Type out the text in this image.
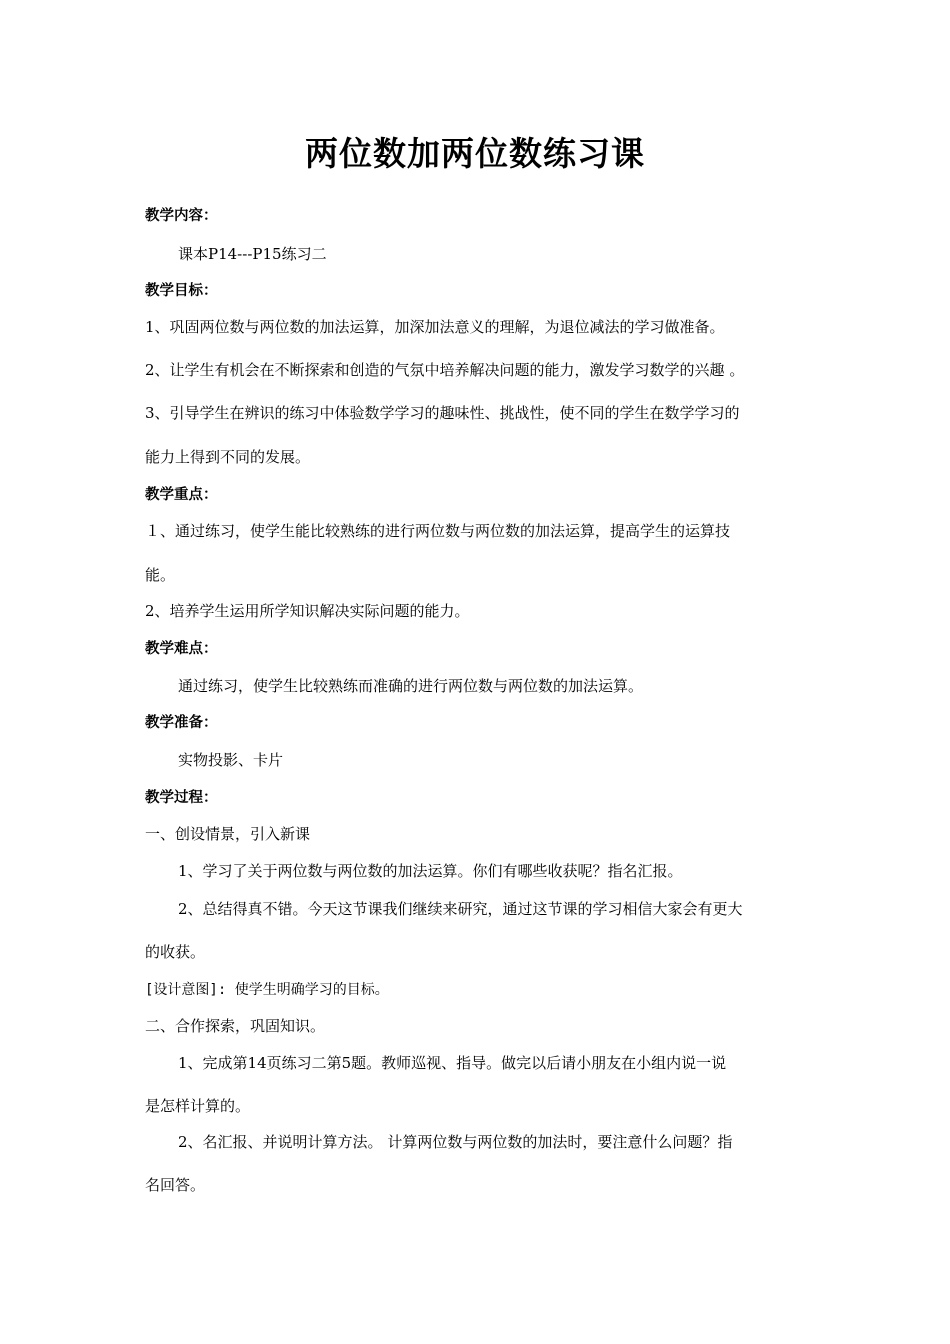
两位数加两位数练习课
教学内容：
课本P14---P15练习二
教学目标：
1、巩固两位数与两位数的加法运算，加深加法意义的理解，为退位减法的学习做准备。
2、让学生有机会在不断探索和创造的气氛中培养解决问题的能力，激发学习数学的兴趣 。
3、引导学生在辨识的练习中体验数学学习的趣味性、挑战性，使不同的学生在数学学习的
能力上得到不同的发展。
教学重点：
１、通过练习，使学生能比较熟练的进行两位数与两位数的加法运算，提高学生的运算技
能。
2、培养学生运用所学知识解决实际问题的能力。
教学难点：
通过练习，使学生比较熟练而准确的进行两位数与两位数的加法运算。
教学准备：
实物投影、卡片
教学过程：
一、创设情景，引入新课
1、学习了关于两位数与两位数的加法运算。你们有哪些收获呢？指名汇报。
2、总结得真不错。今天这节课我们继续来研究，通过这节课的学习相信大家会有更大
的收获。
[设计意图]: 使学生明确学习的目标。
二、合作探索，巩固知识。
1、完成第14页练习二第5题。教师巡视、指导。做完以后请小朋友在小组内说一说
是怎样计算的。
2、名汇报、并说明计算方法。 计算两位数与两位数的加法时，要注意什么问题？指
名回答。
